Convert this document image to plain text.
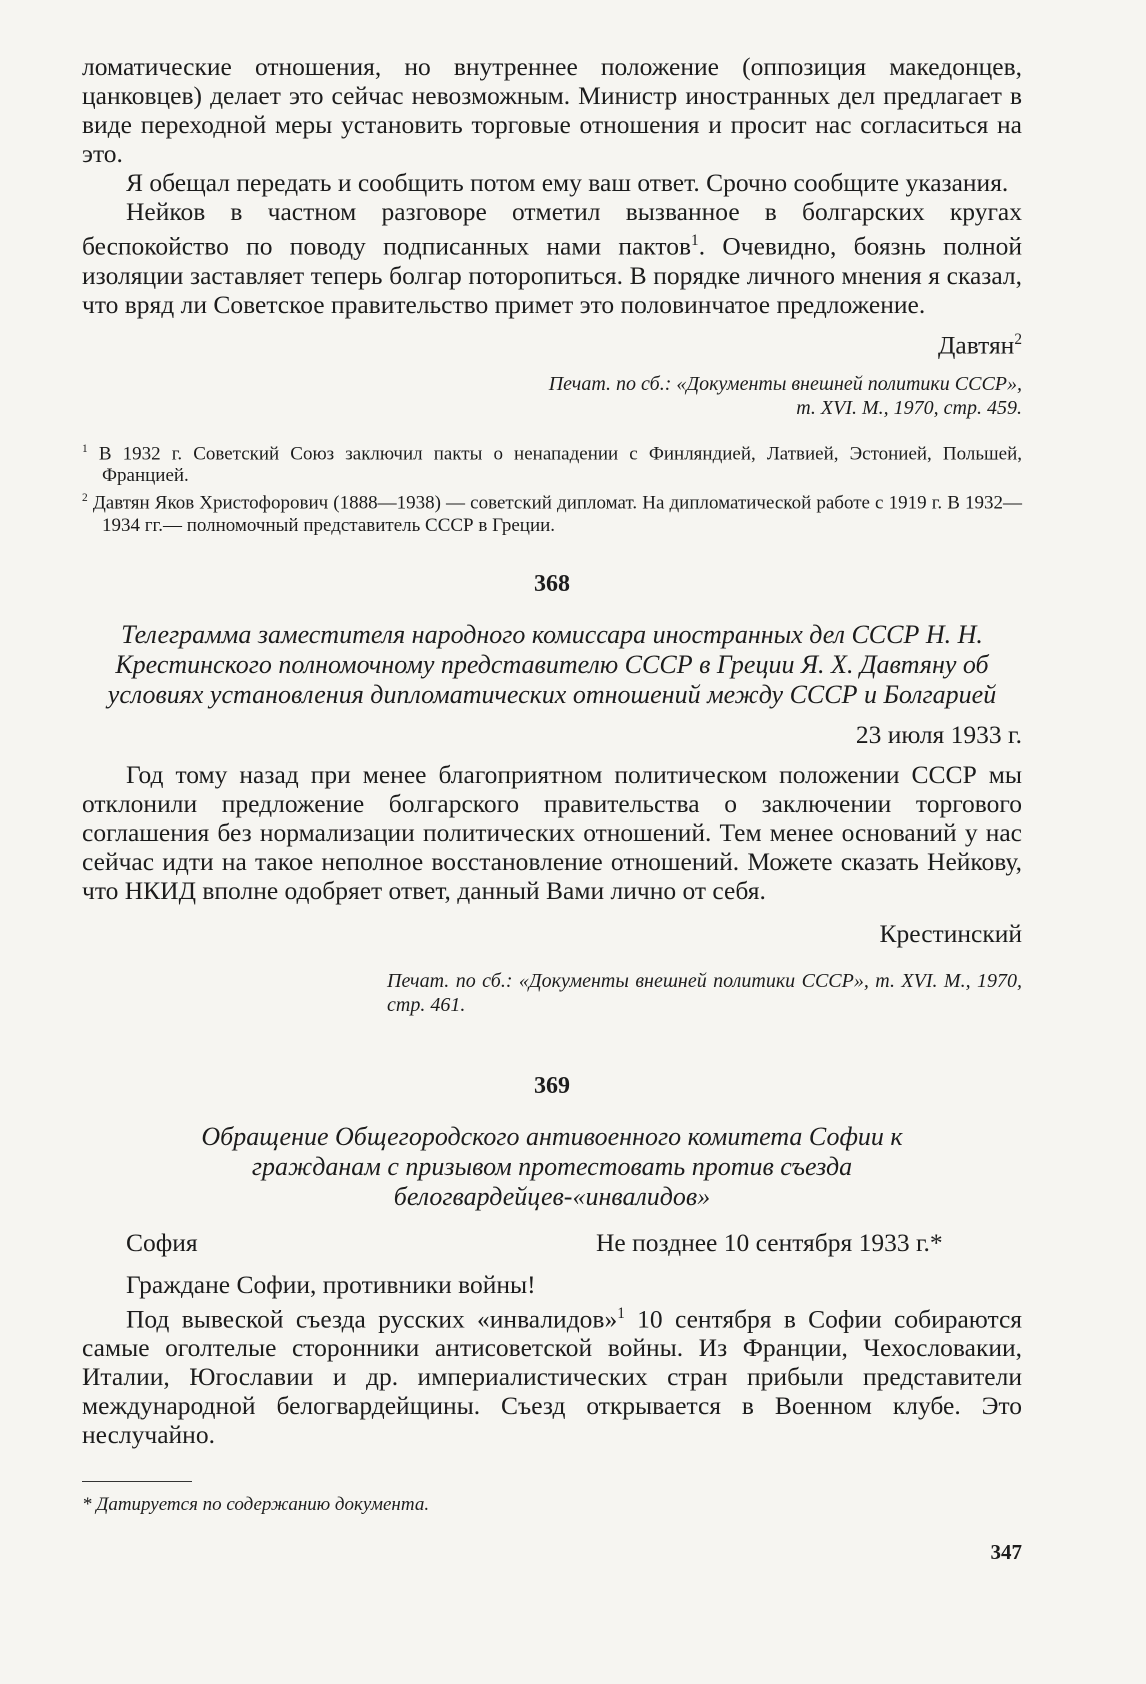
ломатические отношения, но внутреннее положение (оппозиция македонцев, цанковцев) делает это сейчас невозможным. Министр иностранных дел предлагает в виде переходной меры установить торговые отношения и просит нас согласиться на это.

Я обещал передать и сообщить потом ему ваш ответ. Срочно сообщите указания.

Нейков в частном разговоре отметил вызванное в болгарских кругах беспокойство по поводу подписанных нами пактов$^1$. Очевидно, боязнь полной изоляции заставляет теперь болгар поторопиться. В порядке личного мнения я сказал, что вряд ли Советское правительство примет это половинчатое предложение.

Давтян$^2$

Печат. по сб.: «Документы внешней политики СССР»,
т. XVI. М., 1970, стр. 459.

$^1$ В 1932 г. Советский Союз заключил пакты о ненападении с Финляндией, Латвией, Эстонией, Польшей, Францией.

$^2$ Давтян Яков Христофорович (1888—1938) — советский дипломат. На дипломатической работе с 1919 г. В 1932—1934 гг.— полномочный представитель СССР в Греции.

368

Телеграмма заместителя народного комиссара иностранных дел СССР Н. Н. Крестинского полномочному представителю СССР в Греции Я. Х. Давтяну об условиях установления дипломатических отношений между СССР и Болгарией

23 июля 1933 г.

Год тому назад при менее благоприятном политическом положении СССР мы отклонили предложение болгарского правительства о заключении торгового соглашения без нормализации политических отношений. Тем менее оснований у нас сейчас идти на такое неполное восстановление отношений. Можете сказать Нейкову, что НКИД вполне одобряет ответ, данный Вами лично от себя.

Крестинский

Печат. по сб.: «Документы внешней политики СССР», т. XVI. М., 1970, стр. 461.

369

Обращение Общегородского антивоенного комитета Софии к гражданам с призывом протестовать против съезда белогвардейцев-«инвалидов»

София	Не позднее 10 сентября 1933 г.*

Граждане Софии, противники войны!

Под вывеской съезда русских «инвалидов»$^1$ 10 сентября в Софии собираются самые оголтелые сторонники антисоветской войны. Из Франции, Чехословакии, Италии, Югославии и др. империалистических стран прибыли представители международной белогвардейщины. Съезд открывается в Военном клубе. Это неслучайно.

* Датируется по содержанию документа.

347
